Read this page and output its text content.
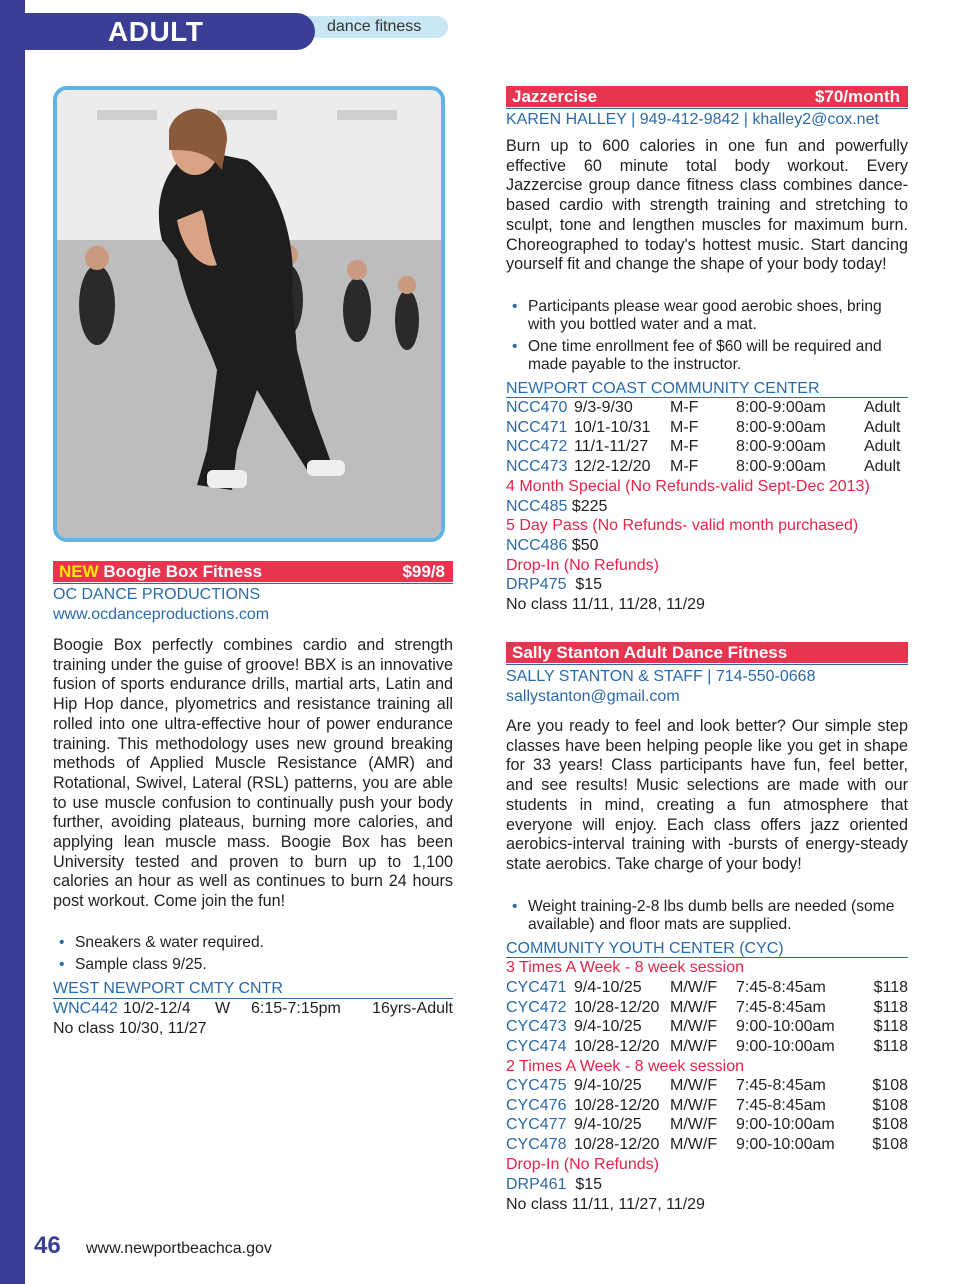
dance fitness
ADULT
NEW Boogie Box Fitness	$99/8
OC DANCE PRODUCTIONS
www.ocdanceproductions.com
Boogie Box perfectly combines cardio and strength training under the guise of groove! BBX is an innovative fusion of sports endurance drills, martial arts, Latin and Hip Hop dance, plyometrics and resistance training all rolled into one ultra-effective hour of power endurance training. This methodology uses new ground breaking methods of Applied Muscle Resistance (AMR) and Rotational, Swivel, Lateral (RSL) patterns, you are able to use muscle confusion to continually push your body further, avoiding plateaus, burning more calories, and applying lean muscle mass. Boogie Box has been University tested and proven to burn up to 1,100 calories an hour as well as continues to burn 24 hours post workout. Come join the fun!
• Sneakers & water required.
• Sample class 9/25.
WEST NEWPORT CMTY CNTR
WNC442	10/2-12/4	W	6:15-7:15pm	16yrs-Adult
No class 10/30, 11/27
Jazzercise	$70/month
KAREN HALLEY | 949-412-9842 | khalley2@cox.net
Burn up to 600 calories in one fun and powerfully effective 60 minute total body workout. Every Jazzercise group dance fitness class combines dance-based cardio with strength training and stretching to sculpt, tone and lengthen muscles for maximum burn. Choreographed to today's hottest music. Start dancing yourself fit and change the shape of your body today!
• Participants please wear good aerobic shoes, bring with you bottled water and a mat.
• One time enrollment fee of $60 will be required and made payable to the instructor.
NEWPORT COAST COMMUNITY CENTER
NCC470	9/3-9/30	M-F	8:00-9:00am	Adult
NCC471	10/1-10/31	M-F	8:00-9:00am	Adult
NCC472	11/1-11/27	M-F	8:00-9:00am	Adult
NCC473	12/2-12/20	M-F	8:00-9:00am	Adult
4 Month Special (No Refunds-valid Sept-Dec 2013)
NCC485 $225
5 Day Pass (No Refunds- valid month purchased)
NCC486 $50
Drop-In (No Refunds)
DRP475 $15
No class 11/11, 11/28, 11/29
Sally Stanton Adult Dance Fitness
SALLY STANTON & STAFF | 714-550-0668
sallystanton@gmail.com
Are you ready to feel and look better? Our simple step classes have been helping people like you get in shape for 33 years! Class participants have fun, feel better, and see results! Music selections are made with our students in mind, creating a fun atmosphere that everyone will enjoy. Each class offers jazz oriented aerobics-interval training with -bursts of energy-steady state aerobics. Take charge of your body!
• Weight training-2-8 lbs dumb bells are needed (some available) and floor mats are supplied.
COMMUNITY YOUTH CENTER (CYC)
3 Times A Week - 8 week session
CYC471	9/4-10/25	M/W/F	7:45-8:45am	$118
CYC472	10/28-12/20	M/W/F	7:45-8:45am	$118
CYC473	9/4-10/25	M/W/F	9:00-10:00am	$118
CYC474	10/28-12/20	M/W/F	9:00-10:00am	$118
2 Times A Week - 8 week session
CYC475	9/4-10/25	M/W/F	7:45-8:45am	$108
CYC476	10/28-12/20	M/W/F	7:45-8:45am	$108
CYC477	9/4-10/25	M/W/F	9:00-10:00am	$108
CYC478	10/28-12/20	M/W/F	9:00-10:00am	$108
Drop-In (No Refunds)
DRP461 $15
No class 11/11, 11/27, 11/29
46 www.newportbeachca.gov
